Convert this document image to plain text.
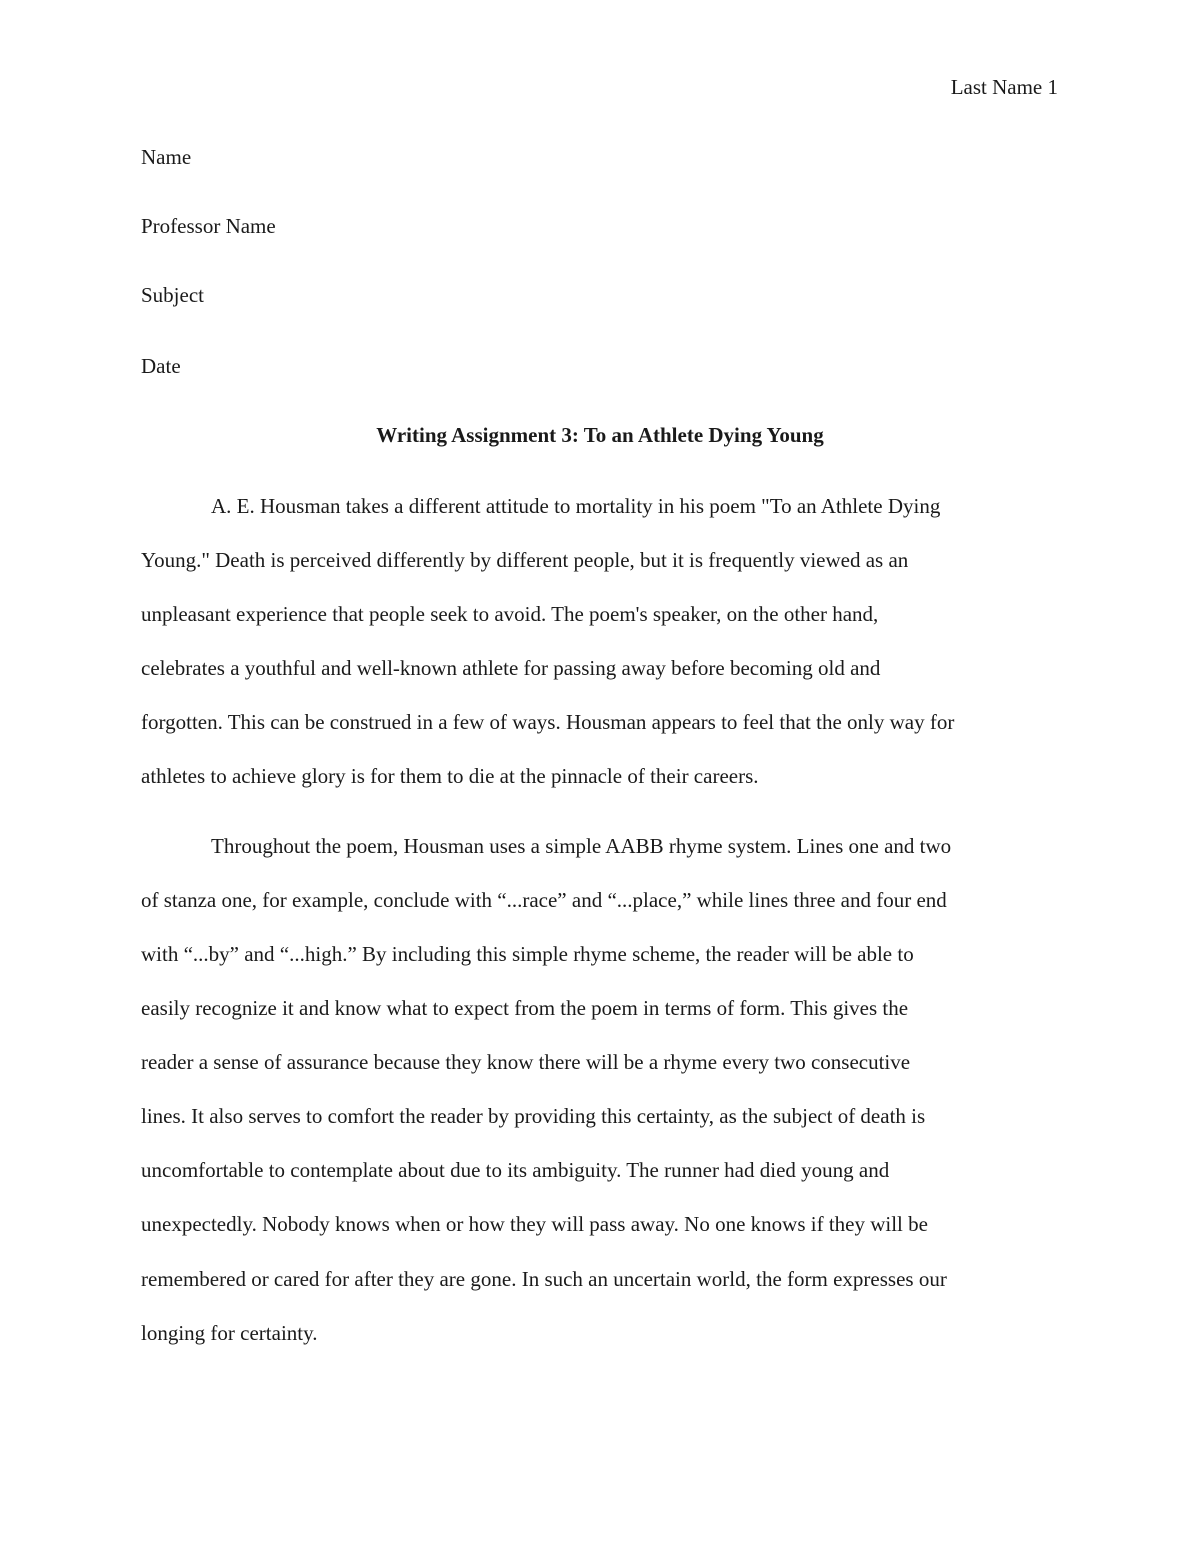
Last Name 1
Name
Professor Name
Subject
Date
Writing Assignment 3: To an Athlete Dying Young
A. E. Housman takes a different attitude to mortality in his poem "To an Athlete Dying
Young." Death is perceived differently by different people, but it is frequently viewed as an
unpleasant experience that people seek to avoid. The poem's speaker, on the other hand,
celebrates a youthful and well-known athlete for passing away before becoming old and
forgotten. This can be construed in a few of ways. Housman appears to feel that the only way for
athletes to achieve glory is for them to die at the pinnacle of their careers.
Throughout the poem, Housman uses a simple AABB rhyme system. Lines one and two
of stanza one, for example, conclude with “...race” and “...place,” while lines three and four end
with “...by” and “...high.” By including this simple rhyme scheme, the reader will be able to
easily recognize it and know what to expect from the poem in terms of form. This gives the
reader a sense of assurance because they know there will be a rhyme every two consecutive
lines. It also serves to comfort the reader by providing this certainty, as the subject of death is
uncomfortable to contemplate about due to its ambiguity. The runner had died young and
unexpectedly. Nobody knows when or how they will pass away. No one knows if they will be
remembered or cared for after they are gone. In such an uncertain world, the form expresses our
longing for certainty.
